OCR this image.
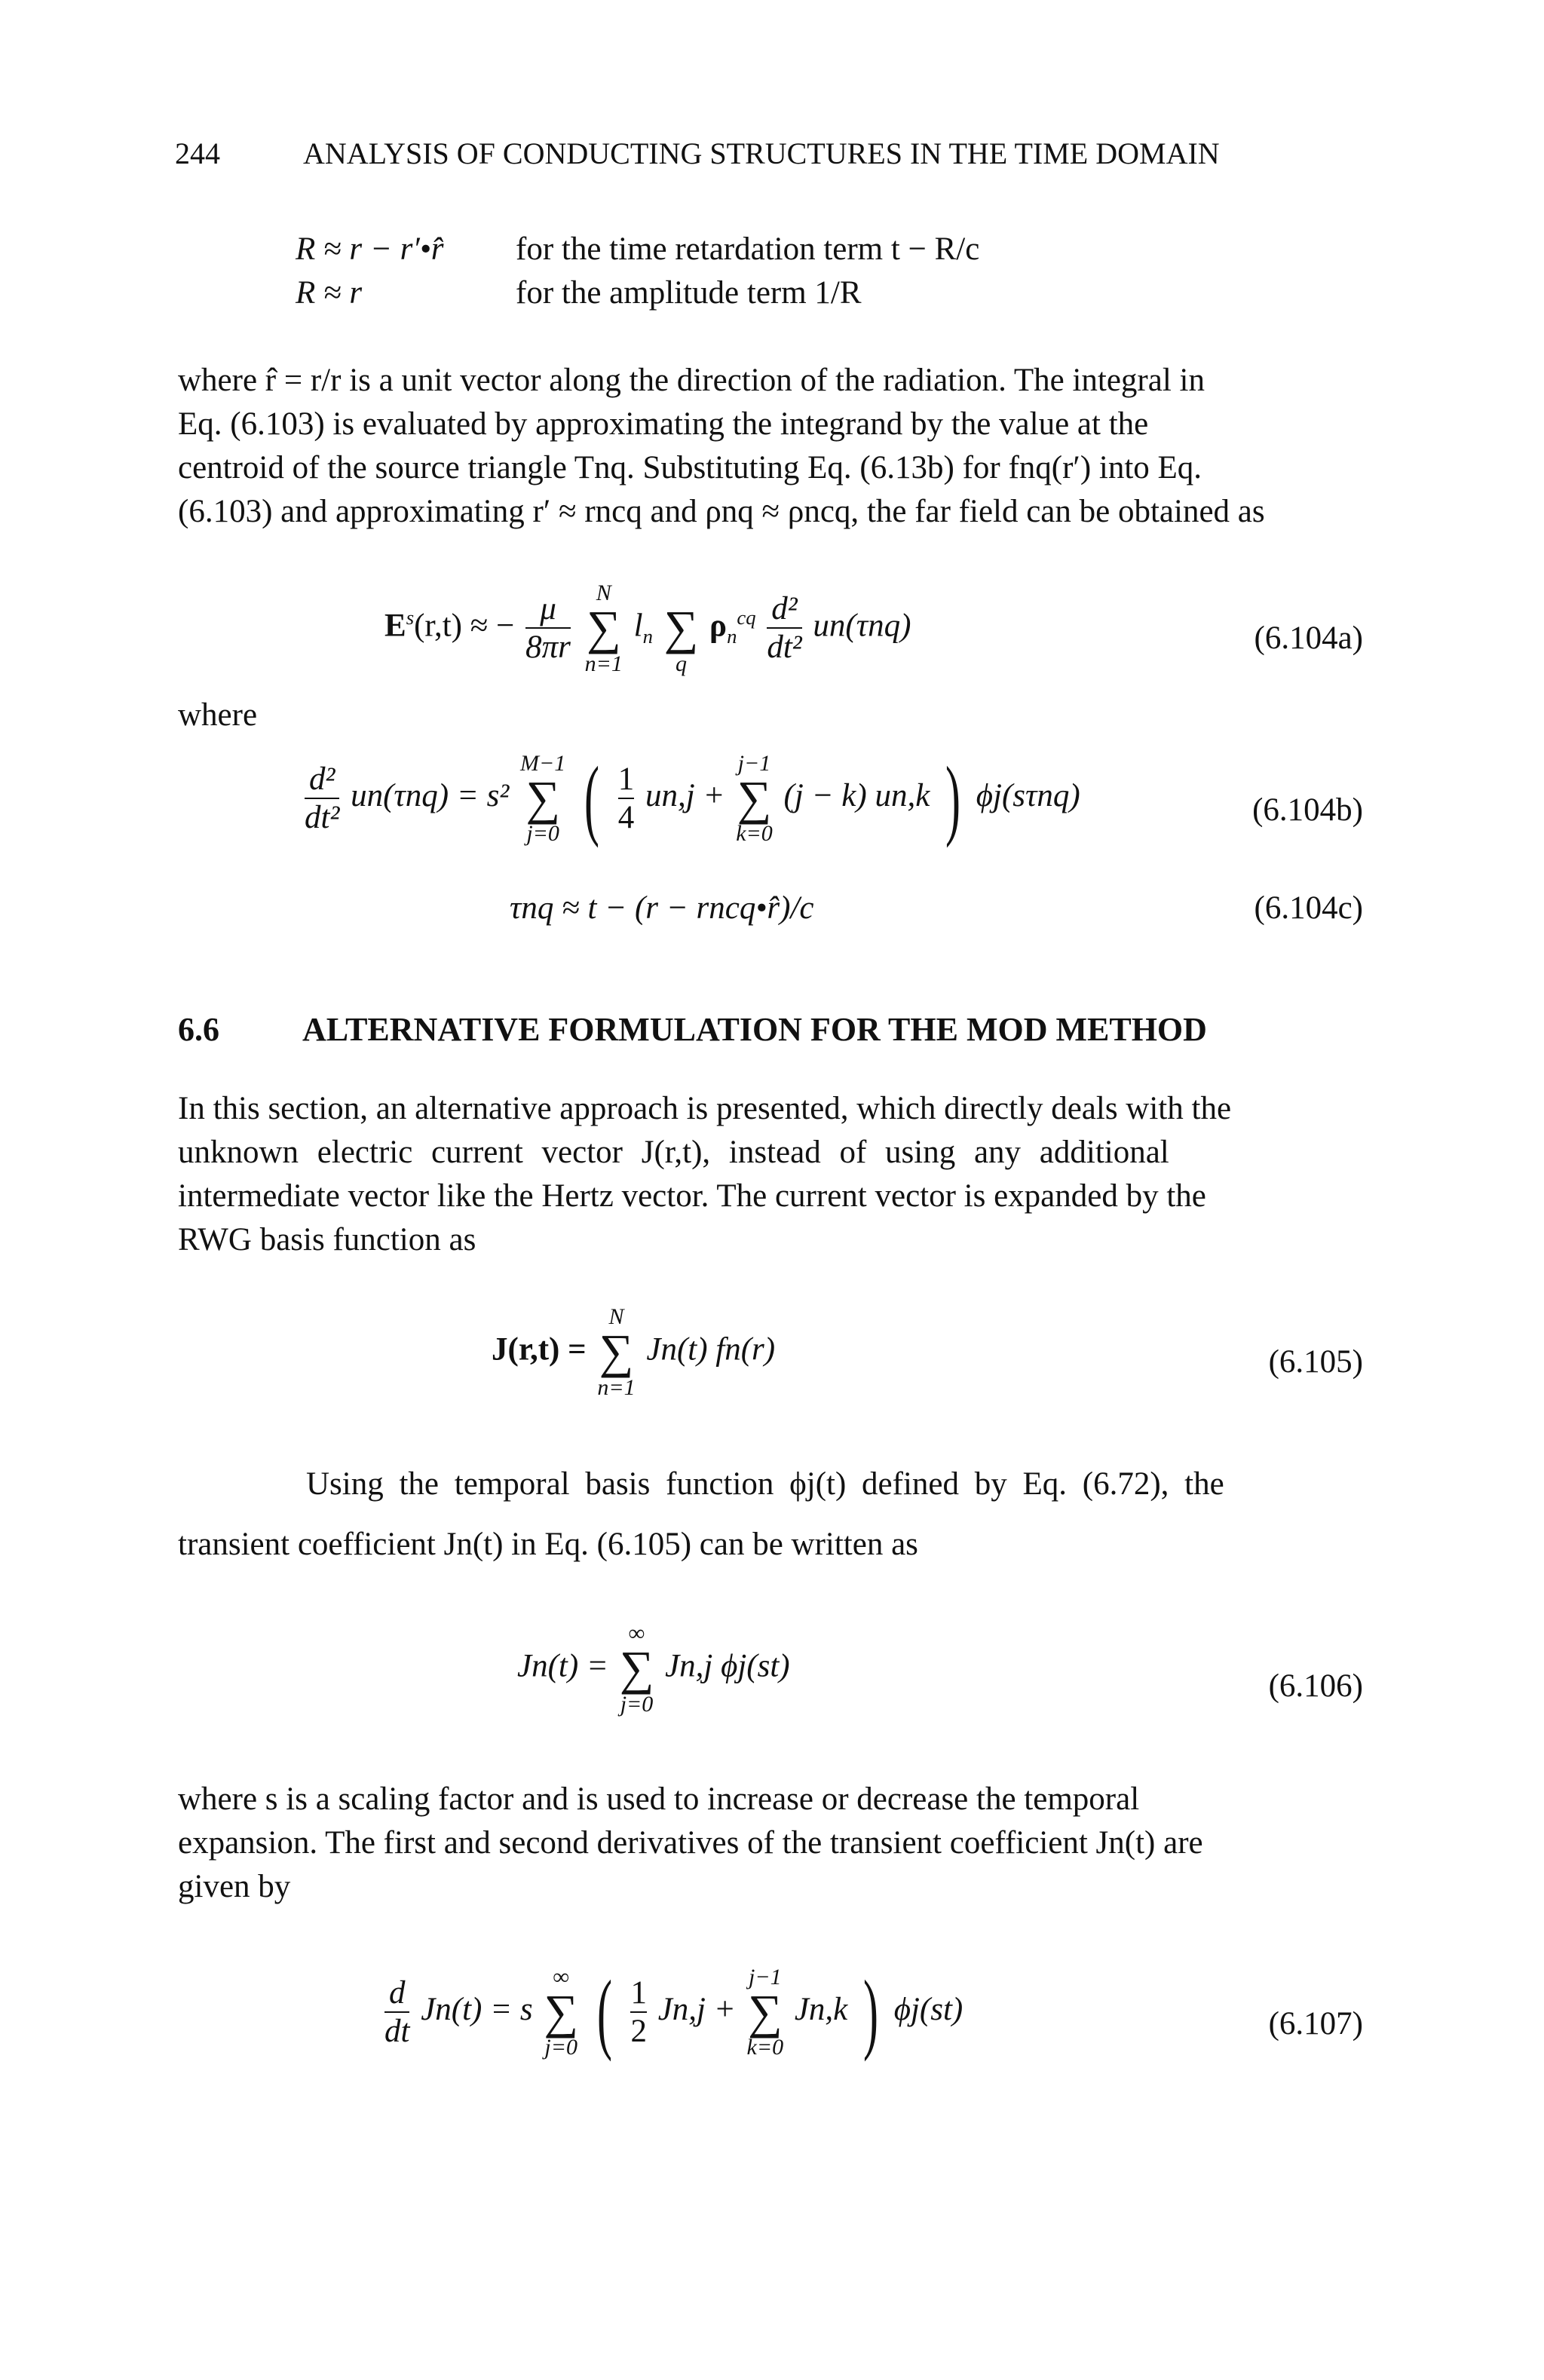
244	ANALYSIS OF CONDUCTING STRUCTURES IN THE TIME DOMAIN
R ≈ r − r′•r̂ for the time retardation term t − R/c
R ≈ r	for the amplitude term 1/R
where r̂ = r/r is a unit vector along the direction of the radiation. The integral in
Eq. (6.103) is evaluated by approximating the integrand by the value at the
centroid of the source triangle Tnq. Substituting Eq. (6.13b) for fnq(r′) into Eq.
(6.103) and approximating r′ ≈ rncq and ρnq ≈ ρncq, the far field can be obtained as
$E^s(r,t)$ ≈ − $\frac{\mu}{8\pi r}$
	N
∑
n=1
$l_n$
∑
q
$\rho_n^{cq} \frac{\text{d²}}{\text{dt²}} un(\tau nq)$	(6.104a)
where
$\frac{\text{d²}}{\text{dt²}} un(\tau nq) = s^2$
M−1
∑
j=0 ( $\frac{1}{4} un,j$ +
j−1
∑
k=0
(j − k) un,k ) ϕj(sτnq)	(6.104b)
τnq ≈ t − (r − rncq•r̂)/c	(6.104c)
6.6	ALTERNATIVE FORMULATION FOR THE MOD METHOD
In this section, an alternative approach is presented, which directly deals with the
unknown electric current vector J(r,t), instead of using any additional
intermediate vector like the Hertz vector. The current vector is expanded by the
RWG basis function as
J(r,t) =
N
∑
n=1
Jn(t) fn(r)	(6.105)
Using the temporal basis function ϕj(t) defined by Eq. (6.72), the
transient coefficient Jn(t) in Eq. (6.105) can be written as
Jn(t) =
∞
∑
j=0
Jn,j ϕj(st)
(6.106)
where s is a scaling factor and is used to increase or decrease the temporal
expansion. The first and second derivatives of the transient coefficient Jn(t) are
given by
$\frac{d}{dt} Jn(t) = s$
∞
∑
j=0 ( $\frac{1}{2} Jn,j$ +
j−1
∑
k=0
Jn,k ) ϕj(st)	(6.107)
